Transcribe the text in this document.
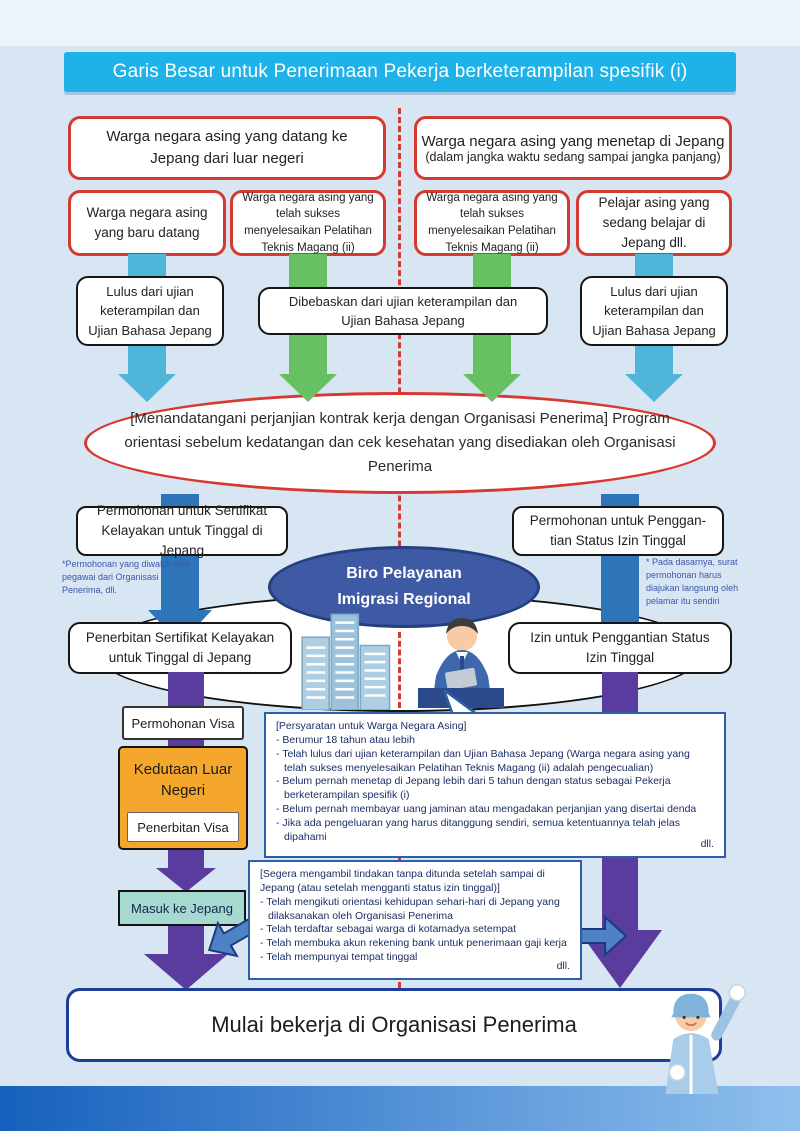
Garis Besar untuk Penerimaan Pekerja berketerampilan spesifik (i)
Warga negara asing yang datang ke Jepang dari luar negeri
Warga negara asing yang menetap di Jepang
(dalam jangka waktu sedang sampai jangka panjang)
Warga negara asing yang baru datang
Warga negara asing yang telah sukses menyelesaikan Pelatihan Teknis Magang (ii)
Warga negara asing yang telah sukses menyelesaikan Pelatihan Teknis Magang (ii)
Pelajar asing yang sedang belajar di Jepang dll.
[Menandatangani perjanjian kontrak kerja dengan Organisasi Penerima] Program orientasi sebelum kedatangan dan cek kesehatan yang disediakan oleh Organisasi Penerima
Lulus dari ujian keterampilan dan Ujian Bahasa Jepang
Dibebaskan dari ujian keterampilan dan Ujian Bahasa Jepang
Lulus dari ujian keterampilan dan Ujian Bahasa Jepang
Biro Pelayanan Imigrasi Regional
Permohonan untuk Sertifikat Kelayakan untuk Tinggal di Jepang
*Permohonan yang diwakili oleh pegawai dari Organisasi Penerima, dll.
Permohonan untuk Penggan-tian Status Izin Tinggal
* Pada dasarnya, surat permohonan harus diajukan langsung oleh pelamar itu sendiri
Penerbitan Sertifikat Kelayakan untuk Tinggal di Jepang
Izin untuk Penggantian Status Izin Tinggal
Permohonan Visa
Kedutaan Luar Negeri
Penerbitan Visa
Masuk ke Jepang
[Persyaratan untuk Warga Negara Asing]
- Berumur 18 tahun atau lebih
- Telah lulus dari ujian keterampilan dan Ujian Bahasa Jepang (Warga negara asing yang telah sukses menyelesaikan Pelatihan Teknis Magang (ii) adalah pengecualian)
- Belum pernah menetap di Jepang lebih dari 5 tahun dengan status sebagai Pekerja berketerampilan spesifik (i)
- Belum pernah membayar uang jaminan atau mengadakan perjanjian yang disertai denda
- Jika ada pengeluaran yang harus ditanggung sendiri, semua ketentuannya telah jelas dipahami
dll.
[Segera mengambil tindakan tanpa ditunda setelah sampai di Jepang (atau setelah mengganti status izin tinggal)]
- Telah mengikuti orientasi kehidupan sehari-hari di Jepang yang dilaksanakan oleh Organisasi Penerima
- Telah terdaftar sebagai warga di kotamadya setempat
- Telah membuka akun rekening bank untuk penerimaan gaji kerja
- Telah mempunyai tempat tinggal
dll.
Mulai bekerja di Organisasi Penerima
